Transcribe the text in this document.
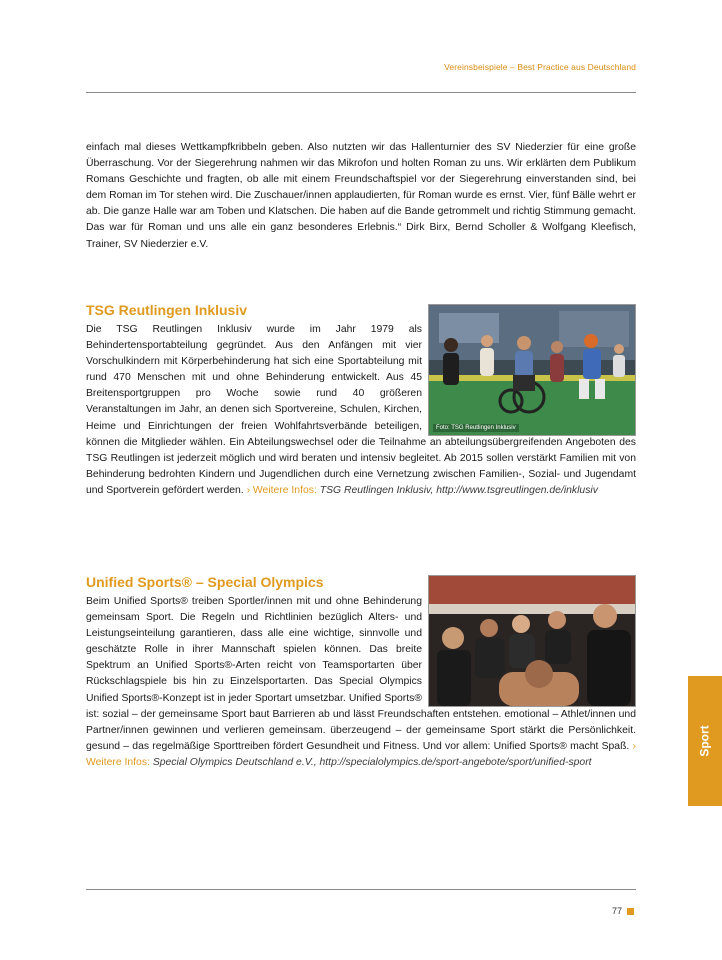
Vereinsbeispiele – Best Practice aus Deutschland

einfach mal dieses Wettkampfkribbeln geben. Also nutzten wir das Hallenturnier des SV Niederzier für eine große Überraschung. Vor der Siegerehrung nahmen wir das Mikrofon und holten Roman zu uns. Wir erklärten dem Publikum Romans Geschichte und fragten, ob alle mit einem Freundschaftspiel vor der Siegerehrung einverstanden sind, bei dem Roman im Tor stehen wird. Die Zuschauer/innen applaudierten, für Roman wurde es ernst. Vier, fünf Bälle wehrt er ab. Die ganze Halle war am Toben und Klatschen. Die haben auf die Bande getrommelt und richtig Stimmung gemacht. Das war für Roman und uns alle ein ganz besonderes Erlebnis.“ Dirk Birx, Bernd Scholler & Wolfgang Kleefisch, Trainer, SV Niederzier e.V.

TSG Reutlingen Inklusiv
Foto: TSG Reutlingen Inklusiv

Die TSG Reutlingen Inklusiv wurde im Jahr 1979 als Behindertensportabteilung gegründet. Aus den Anfängen mit vier Vorschulkindern mit Körperbehinderung hat sich eine Sportabteilung mit rund 470 Menschen mit und ohne Behinderung entwickelt. Aus 45 Breitensportgruppen pro Woche sowie rund 40 größeren Veranstaltungen im Jahr, an denen sich Sportvereine, Schulen, Kirchen, Heime und Einrichtungen der freien Wohlfahrtsverbände beteiligen, können die Mitglieder wählen. Ein Abteilungswechsel oder die Teilnahme an abteilungsübergreifenden Angeboten des TSG Reutlingen ist jederzeit möglich und wird beraten und intensiv begleitet. Ab 2015 sollen verstärkt Familien mit von Behinderung bedrohten Kindern und Jugendlichen durch eine Vernetzung zwischen Familien-, Sozial- und Jugendamt und Sportverein gefördert werden. › Weitere Infos: TSG Reutlingen Inklusiv, http://www.tsgreutlingen.de/inklusiv

Unified Sports® – Special Olympics

Beim Unified Sports® treiben Sportler/innen mit und ohne Behinderung gemeinsam Sport. Die Regeln und Richtlinien bezüglich Alters- und Leistungseinteilung garantieren, dass alle eine wichtige, sinnvolle und geschätzte Rolle in ihrer Mannschaft spielen können. Das breite Spektrum an Unified Sports®-Arten reicht von Teamsportarten über Rückschlagspiele bis hin zu Einzelsportarten. Das Special Olympics Unified Sports®-Konzept ist in jeder Sportart umsetzbar. Unified Sports® ist: sozial – der gemeinsame Sport baut Barrieren ab und lässt Freundschaften entstehen. emotional – Athlet/innen und Partner/innen gewinnen und verlieren gemeinsam. überzeugend – der gemeinsame Sport stärkt die Persönlichkeit. gesund – das regelmäßige Sporttreiben fördert Gesundheit und Fitness. Und vor allem: Unified Sports® macht Spaß. › Weitere Infos: Special Olympics Deutschland e.V., http://specialolympics.de/sport-angebote/sport/unified-sport

Sport
77
